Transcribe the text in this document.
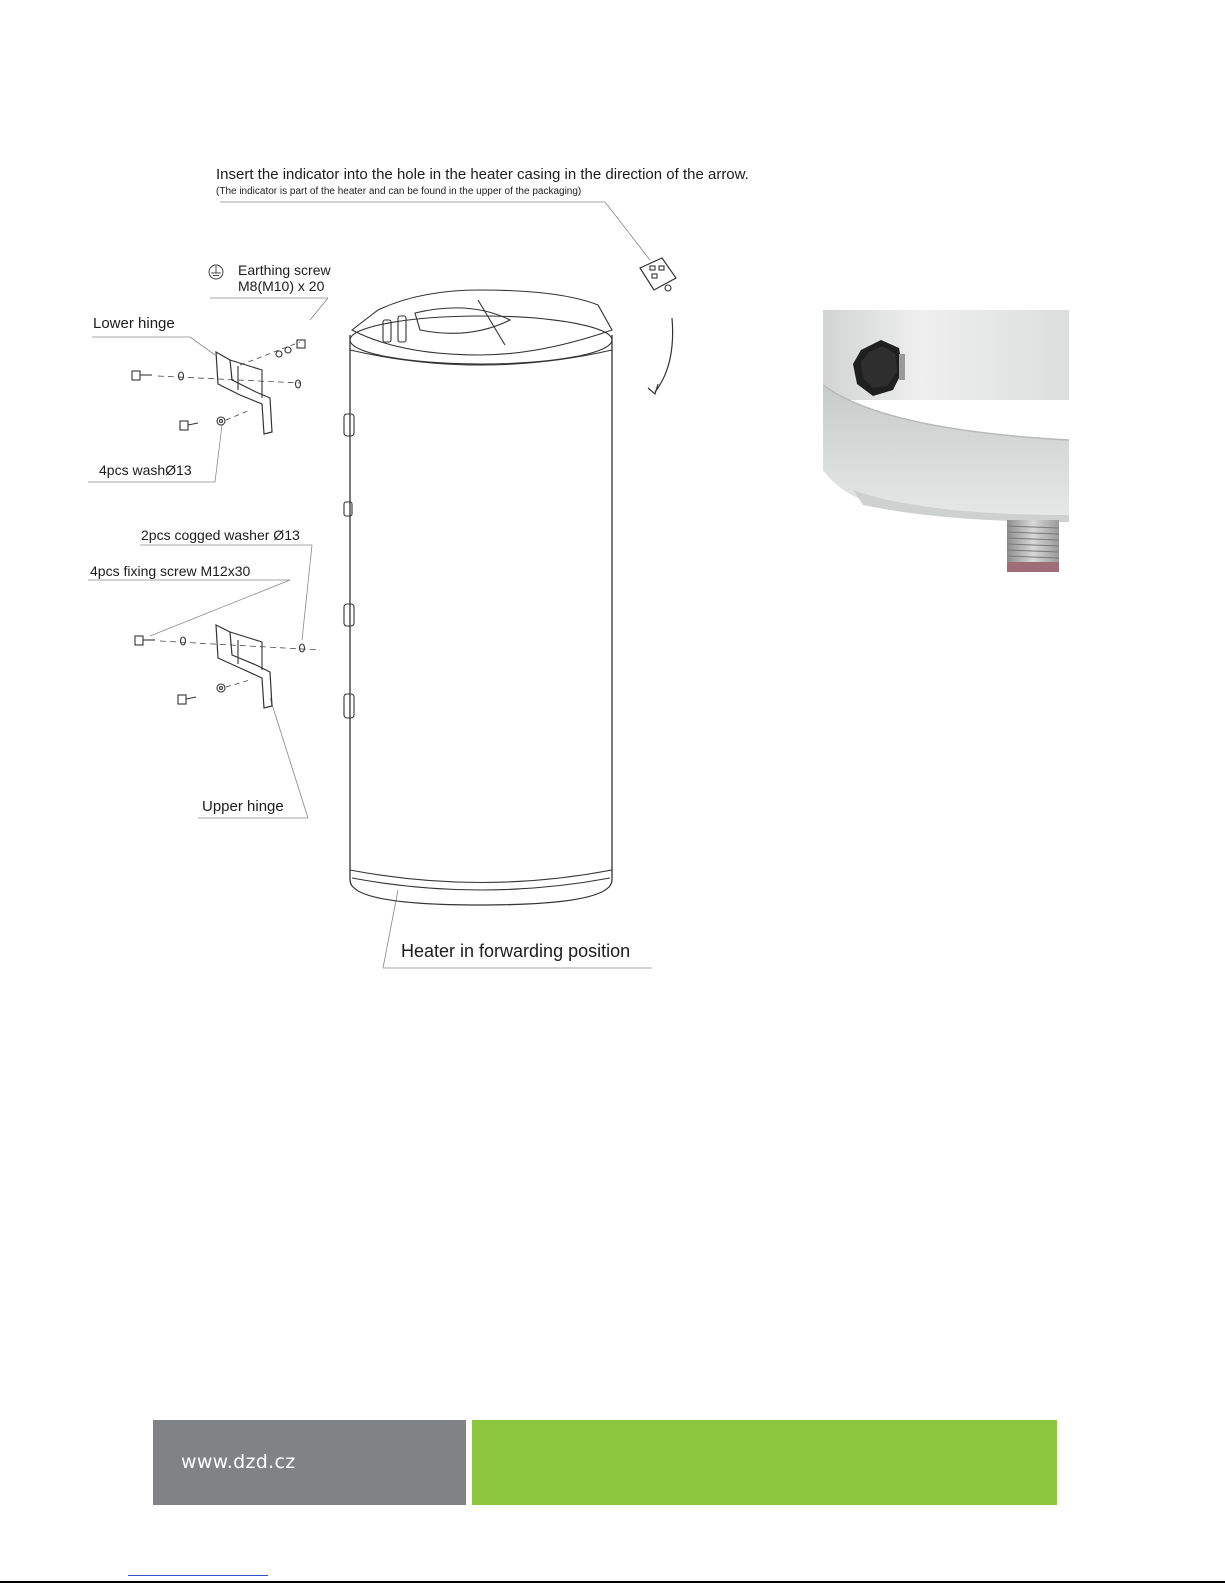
Insert the indicator into the hole in the heater casing in the direction of the arrow.
(The indicator is part of the heater and can be found in the upper of the packaging)
Earthing screw
M8(M10) x 20
Lower hinge
4pcs washØ13
2pcs cogged washer Ø13
4pcs fixing screw M12x30
Upper hinge
Heater in forwarding position
www.dzd.cz
